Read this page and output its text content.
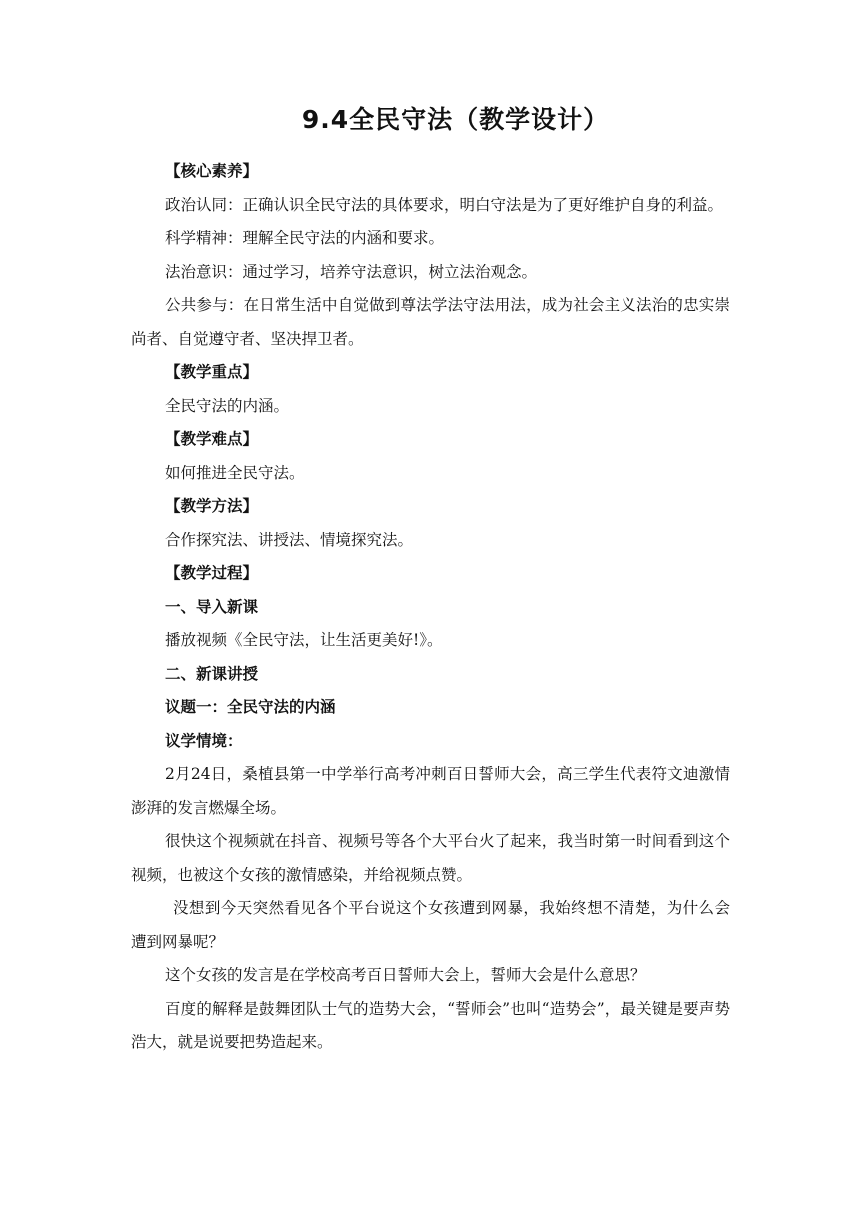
9.4全民守法（教学设计）

【核心素养】

政治认同：正确认识全民守法的具体要求，明白守法是为了更好维护自身的利益。

科学精神：理解全民守法的内涵和要求。

法治意识：通过学习，培养守法意识，树立法治观念。

公共参与：在日常生活中自觉做到尊法学法守法用法，成为社会主义法治的忠实崇尚者、自觉遵守者、坚决捍卫者。

【教学重点】

全民守法的内涵。

【教学难点】

如何推进全民守法。

【教学方法】

合作探究法、讲授法、情境探究法。

【教学过程】

一、导入新课

播放视频《全民守法，让生活更美好!》。

二、新课讲授

议题一：全民守法的内涵

议学情境：

2月24日，桑植县第一中学举行高考冲刺百日誓师大会，高三学生代表符文迪激情澎湃的发言燃爆全场。

很快这个视频就在抖音、视频号等各个大平台火了起来，我当时第一时间看到这个视频，也被这个女孩的激情感染，并给视频点赞。

没想到今天突然看见各个平台说这个女孩遭到网暴，我始终想不清楚，为什么会遭到网暴呢？

这个女孩的发言是在学校高考百日誓师大会上，誓师大会是什么意思？

百度的解释是鼓舞团队士气的造势大会，“誓师会”也叫“造势会”，最关键是要声势浩大，就是说要把势造起来。
